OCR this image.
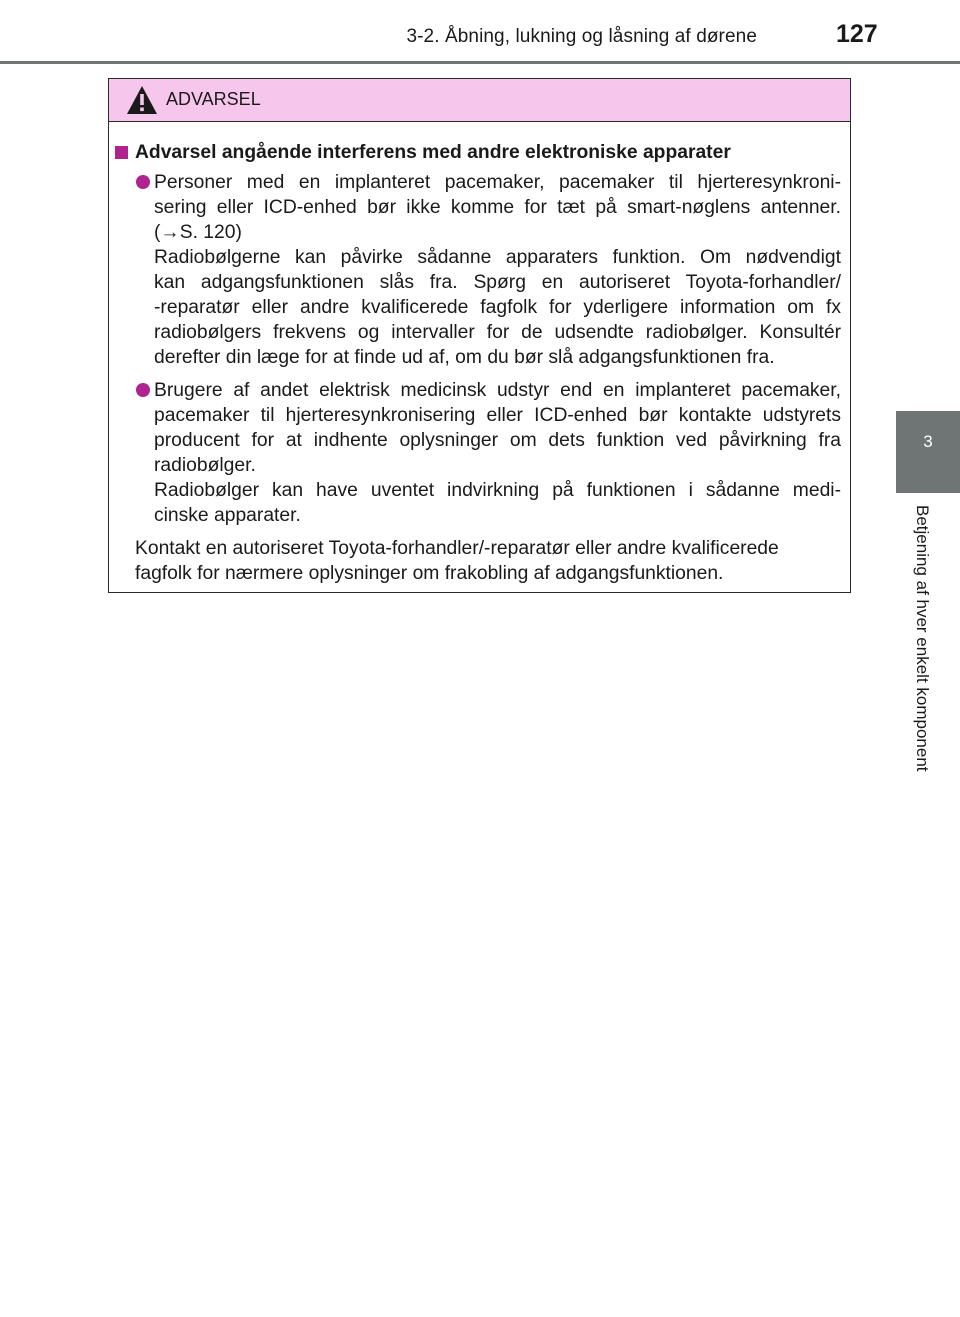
3-2. Åbning, lukning og låsning af dørene	127
3
Betjening af hver enkelt komponent
ADVARSEL
Advarsel angående interferens med andre elektroniske apparater
Personer med en implanteret pacemaker, pacemaker til hjerteresynkroni-
sering eller ICD-enhed bør ikke komme for tæt på smart-nøglens antenner.
(→S. 120)
Radiobølgerne kan påvirke sådanne apparaters funktion. Om nødvendigt
kan adgangsfunktionen slås fra. Spørg en autoriseret Toyota-forhandler/
-reparatør eller andre kvalificerede fagfolk for yderligere information om fx
radiobølgers frekvens og intervaller for de udsendte radiobølger. Konsultér
derefter din læge for at finde ud af, om du bør slå adgangsfunktionen fra.
Brugere af andet elektrisk medicinsk udstyr end en implanteret pacemaker,
pacemaker til hjerteresynkronisering eller ICD-enhed bør kontakte udstyrets
producent for at indhente oplysninger om dets funktion ved påvirkning fra
radiobølger.
Radiobølger kan have uventet indvirkning på funktionen i sådanne medi-
cinske apparater.
Kontakt en autoriseret Toyota-forhandler/-reparatør eller andre kvalificerede
fagfolk for nærmere oplysninger om frakobling af adgangsfunktionen.
